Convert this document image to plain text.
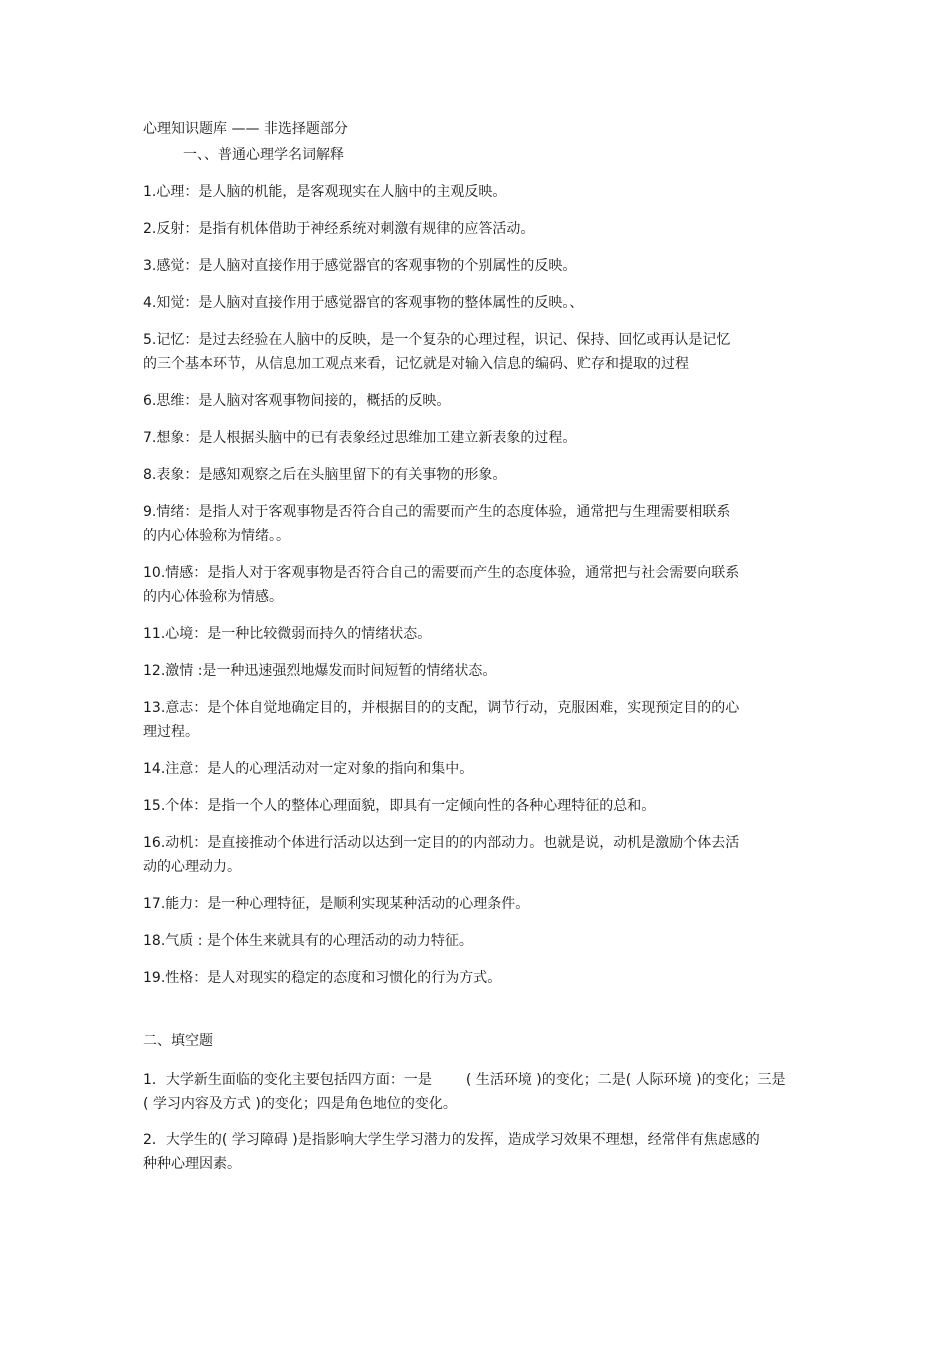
心理知识题库 —— 非选择题部分
一、、普通心理学名词解释
1.心理：是人脑的机能，是客观现实在人脑中的主观反映。
2.反射：是指有机体借助于神经系统对刺激有规律的应答活动。
3.感觉：是人脑对直接作用于感觉器官的客观事物的个别属性的反映。
4.知觉：是人脑对直接作用于感觉器官的客观事物的整体属性的反映。、
5.记忆：是过去经验在人脑中的反映，是一个复杂的心理过程，识记、保持、回忆或再认是记忆的三个基本环节，从信息加工观点来看，记忆就是对输入信息的编码、贮存和提取的过程
6.思维：是人脑对客观事物间接的，概括的反映。
7.想象：是人根据头脑中的已有表象经过思维加工建立新表象的过程。
8.表象：是感知观察之后在头脑里留下的有关事物的形象。
9.情绪：是指人对于客观事物是否符合自己的需要而产生的态度体验，通常把与生理需要相联系的内心体验称为情绪。。
10.情感：是指人对于客观事物是否符合自己的需要而产生的态度体验，通常把与社会需要向联系的内心体验称为情感。
11.心境：是一种比较微弱而持久的情绪状态。
12.激情 :是一种迅速强烈地爆发而时间短暂的情绪状态。
13.意志：是个体自觉地确定目的，并根据目的的支配，调节行动，克服困难，实现预定目的的心理过程。
14.注意：是人的心理活动对一定对象的指向和集中。
15.个体：是指一个人的整体心理面貌，即具有一定倾向性的各种心理特征的总和。
16.动机：是直接推动个体进行活动以达到一定目的的内部动力。也就是说，动机是激励个体去活动的心理动力。
17.能力：是一种心理特征，是顺利实现某种活动的心理条件。
18.气质 : 是个体生来就具有的心理活动的动力特征。
19.性格：是人对现实的稳定的态度和习惯化的行为方式。
二、填空题
1．大学新生面临的变化主要包括四方面：一是 ( 生活环境 )的变化；二是( 人际环境 )的变化；三是( 学习内容及方式 )的变化；四是角色地位的变化。
2．大学生的( 学习障碍 )是指影响大学生学习潜力的发挥，造成学习效果不理想，经常伴有焦虑感的种种心理因素。
